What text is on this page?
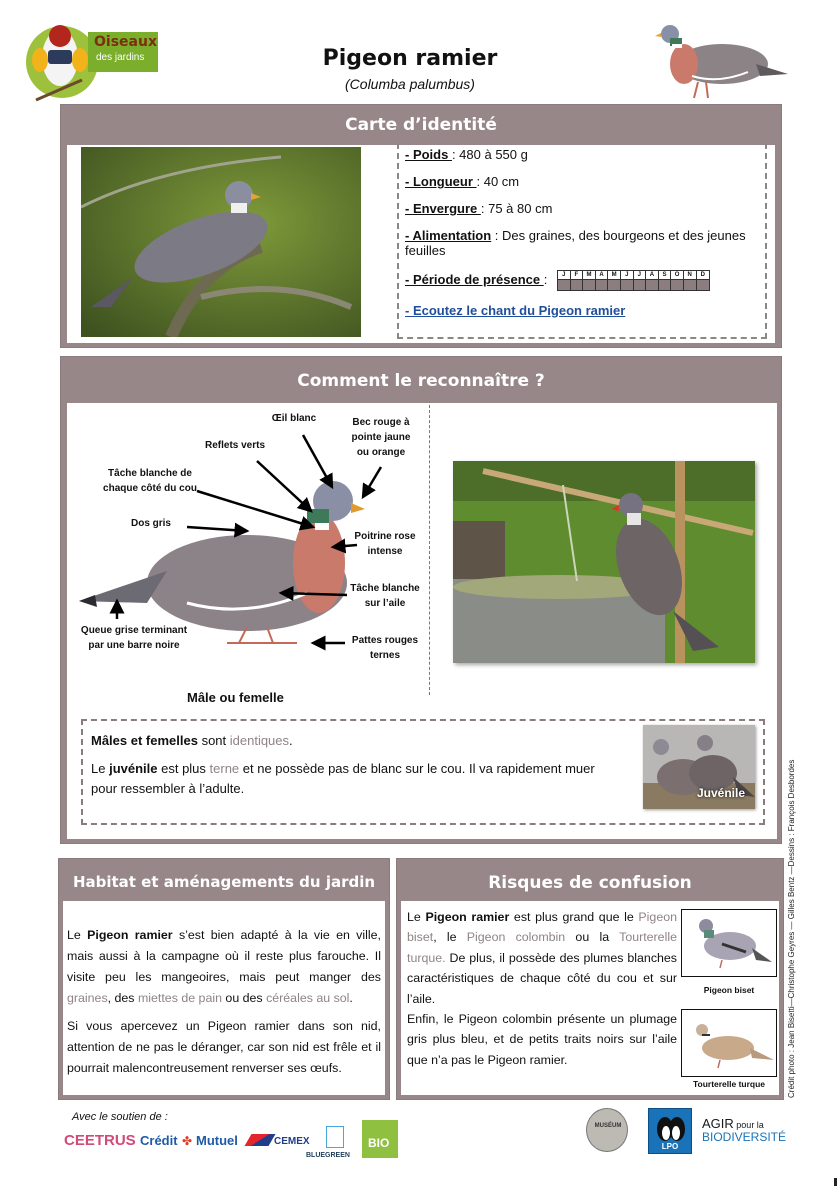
Oiseaux
des jardins	Pigeon ramier
(Columba palumbus)
Carte d’identité
- Poids : 480 à 550 g
- Longueur : 40 cm
- Envergure : 75 à 80 cm
- Alimentation : Des graines, des bourgeons et des jeunes feuilles
- Période de présence :	J	F	M	A	M	J	J	A	S	O	N	D
- Ecoutez le chant du Pigeon ramier
Comment le reconnaître ?
Œil blanc	Bec rouge à pointe jaune ou orange
Reflets verts
Tâche blanche de chaque côté du cou
Dos gris
Poitrine rose intense
Tâche blanche sur l’aile
Queue grise terminant par une barre noire	Pattes rouges ternes
Mâle ou femelle

Mâles et femelles sont identiques.

Le juvénile est plus terne et ne possède pas de blanc sur le cou. Il va rapidement muer pour ressembler à l’adulte.	Juvénile
Habitat et aménagements du jardin

Le Pigeon ramier s’est bien adapté à la vie en ville, mais aussi à la campagne où il reste plus farouche. Il visite peu les mangeoires, mais peut manger des graines, des miettes de pain ou des céréales au sol.

Si vous apercevez un Pigeon ramier dans son nid, attention de ne pas le déranger, car son nid est frêle et il pourrait malencontreusement renverser ses œufs.

Risques de confusion
Le Pigeon ramier est plus grand que le Pigeon biset, le Pigeon colombin ou la Tourterelle turque. De plus, il possède des plumes blanches caractéristiques de chaque côté du cou et sur l’aile.
Enfin, le Pigeon colombin présente un plumage gris plus bleu, et de petits traits noirs sur l’aile que n’a pas le Pigeon ramier.
Pigeon biset
Tourterelle turque	Crédit photo : Jean Bisetti—Christophe Geyres — Gilles Bentz —Dessins : François Desbordes
Avec le soutien de :
CEETRUS Crédit ✤ Mutuel	CEMEX
BLUEGREEN
BIO
MUSÉUM
LPO
AGIR pour la
BIODIVERSITÉ
